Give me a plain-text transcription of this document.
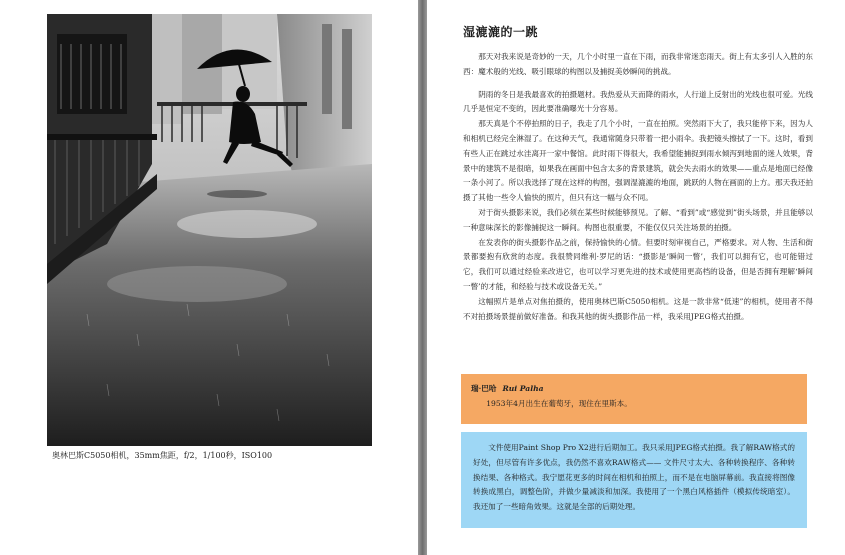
奥林巴斯C5050相机，35mm焦距，f/2，1/100秒，ISO100
湿漉漉的一跳

那天对我来说是奇妙的一天，几个小时里一直在下雨，而我非常迷恋雨天。街上有太多引人入胜的东西：魔术般的光线、吸引眼球的构图以及捕捉美妙瞬间的挑战。

阴雨的冬日是我最喜欢的拍摄题材。我热爱从天而降的雨水，人行道上反射出的光线也很可爱。光线几乎是恒定不变的，因此要准确曝光十分容易。

那天真是个不停拍照的日子，我走了几个小时，一直在拍照。突然雨下大了，我只能停下来，因为人和相机已经完全淋湿了。在这种天气，我通常随身只带着一把小雨伞。我把镜头擦拭了一下。这时，看到有些人正在跳过水洼离开一家中餐馆。此时雨下得很大，我希望能捕捉到雨水倾泻到地面的迷人效果，背景中的建筑不是很暗，如果我在画面中包含太多的背景建筑，就会失去雨水的效果——重点是地面已经像一条小河了。所以我选择了现在这样的构图，强调湿漉漉的地面，跳跃的人物在画面的上方。那天我还拍摄了其他一些令人愉快的照片，但只有这一幅与众不同。

对于街头摄影来说，我们必须在某些时候能够预见。了解、“看到”或“感觉到”街头场景，并且能够以一种意味深长的影像捕捉这一瞬间。构图也很重要，不能仅仅只关注场景的拍摄。

在发表你的街头摄影作品之前，保持愉快的心情。但要时刻审视自己，严格要求。对人物、生活和街景都要抱有欣赏的态度。我很赞同维利·罗尼的话：“摄影是‘瞬间一瞥’，我们可以拥有它，也可能错过它，我们可以通过经验来改进它，也可以学习更先进的技术或使用更高档的设备，但是否拥有理解‘瞬间一瞥’的才能，和经验与技术或设备无关。”

这幅照片是单点对焦拍摄的，使用奥林巴斯C5050相机。这是一款非常“低速”的相机，使用者不得不对拍摄场景提前做好准备。和我其他的街头摄影作品一样，我采用JPEG格式拍摄。

瑞·巴哈 Rui Palha
1953年4月出生在葡萄牙，现住在里斯本。

文件使用Paint Shop Pro X2进行后期加工。我只采用JPEG格式拍摄。我了解RAW格式的好处，但尽管有许多优点，我仍然不喜欢RAW格式—— 文件尺寸太大、各种转换程序、各种转换结果、各种格式。我宁愿花更多的时间在相机和拍照上，而不是在电脑屏幕前。我直接将图像转换成黑白，调整色阶，并做少量减淡和加深。我使用了一个黑白风格插件（模拟传统暗室）。我还加了一些暗角效果。这就是全部的后期处理。
